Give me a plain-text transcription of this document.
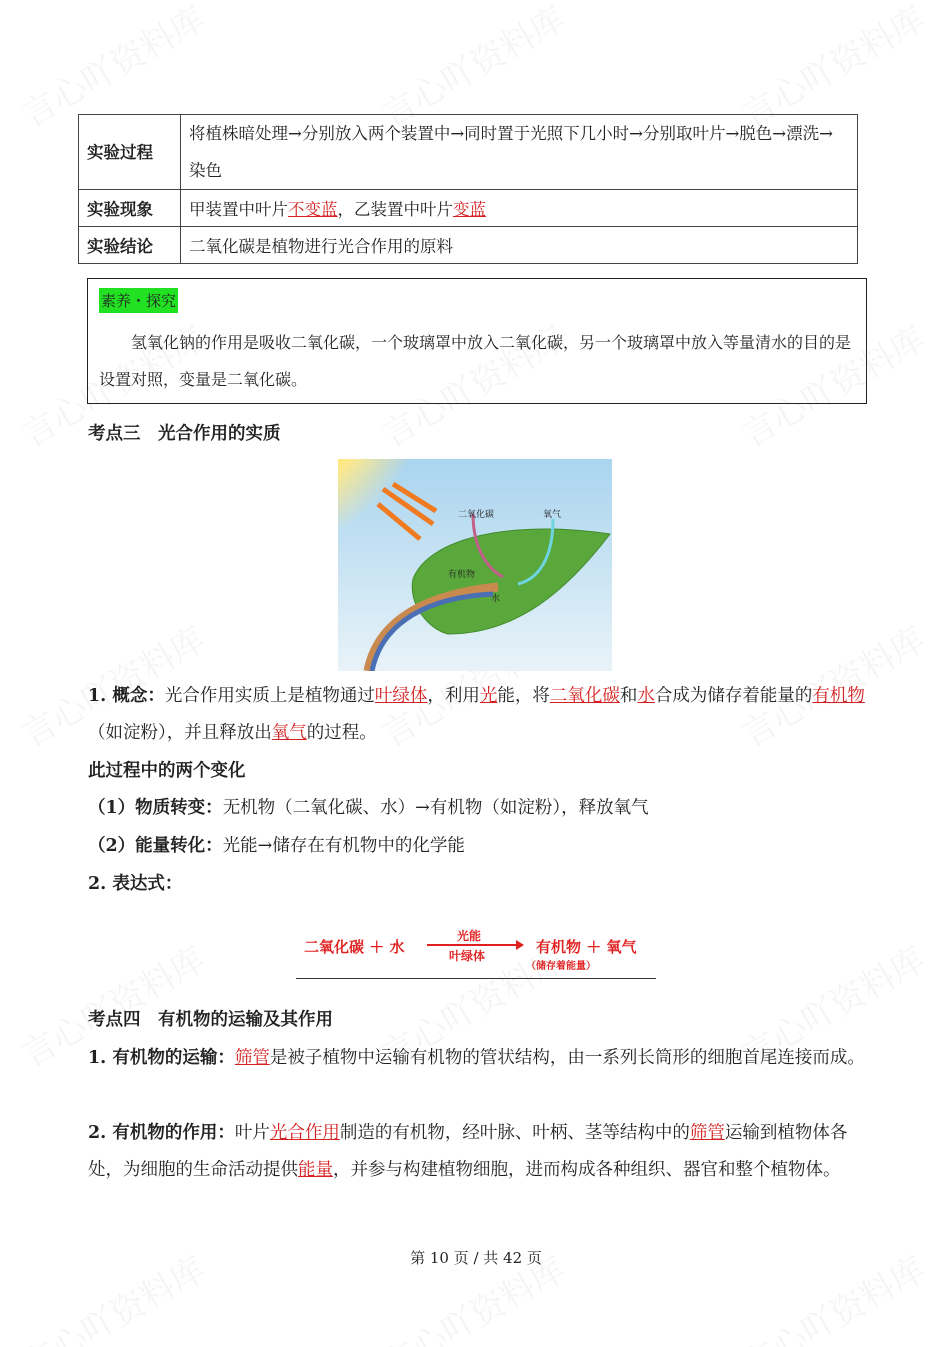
实验过程	将植株暗处理→分别放入两个装置中→同时置于光照下几小时→分别取叶片→脱色→漂洗→染色
实验现象	甲装置中叶片不变蓝，乙装置中叶片变蓝
实验结论	二氧化碳是植物进行光合作用的原料
素养・探究
氢氧化钠的作用是吸收二氧化碳，一个玻璃罩中放入二氧化碳，另一个玻璃罩中放入等量清水的目的是设置对照，变量是二氧化碳。
考点三　光合作用的实质
二氧化碳	氧气
有机物
水
1. 概念：光合作用实质上是植物通过叶绿体，利用光能，将二氧化碳和水合成为储存着能量的有机物（如淀粉），并且释放出氧气的过程。
此过程中的两个变化
（1）物质转变：无机物（二氧化碳、水）→有机物（如淀粉），释放氧气
（2）能量转化：光能→储存在有机物中的化学能
2. 表达式：
二氧化碳 ＋ 水
光能
叶绿体	有机物 ＋ 氧气
（储存着能量）
考点四　有机物的运输及其作用
1. 有机物的运输：筛管是被子植物中运输有机物的管状结构，由一系列长筒形的细胞首尾连接而成。
2. 有机物的作用：叶片光合作用制造的有机物，经叶脉、叶柄、茎等结构中的筛管运输到植物体各处，为细胞的生命活动提供能量，并参与构建植物细胞，进而构成各种组织、器官和整个植物体。
第 10 页 / 共 42 页
